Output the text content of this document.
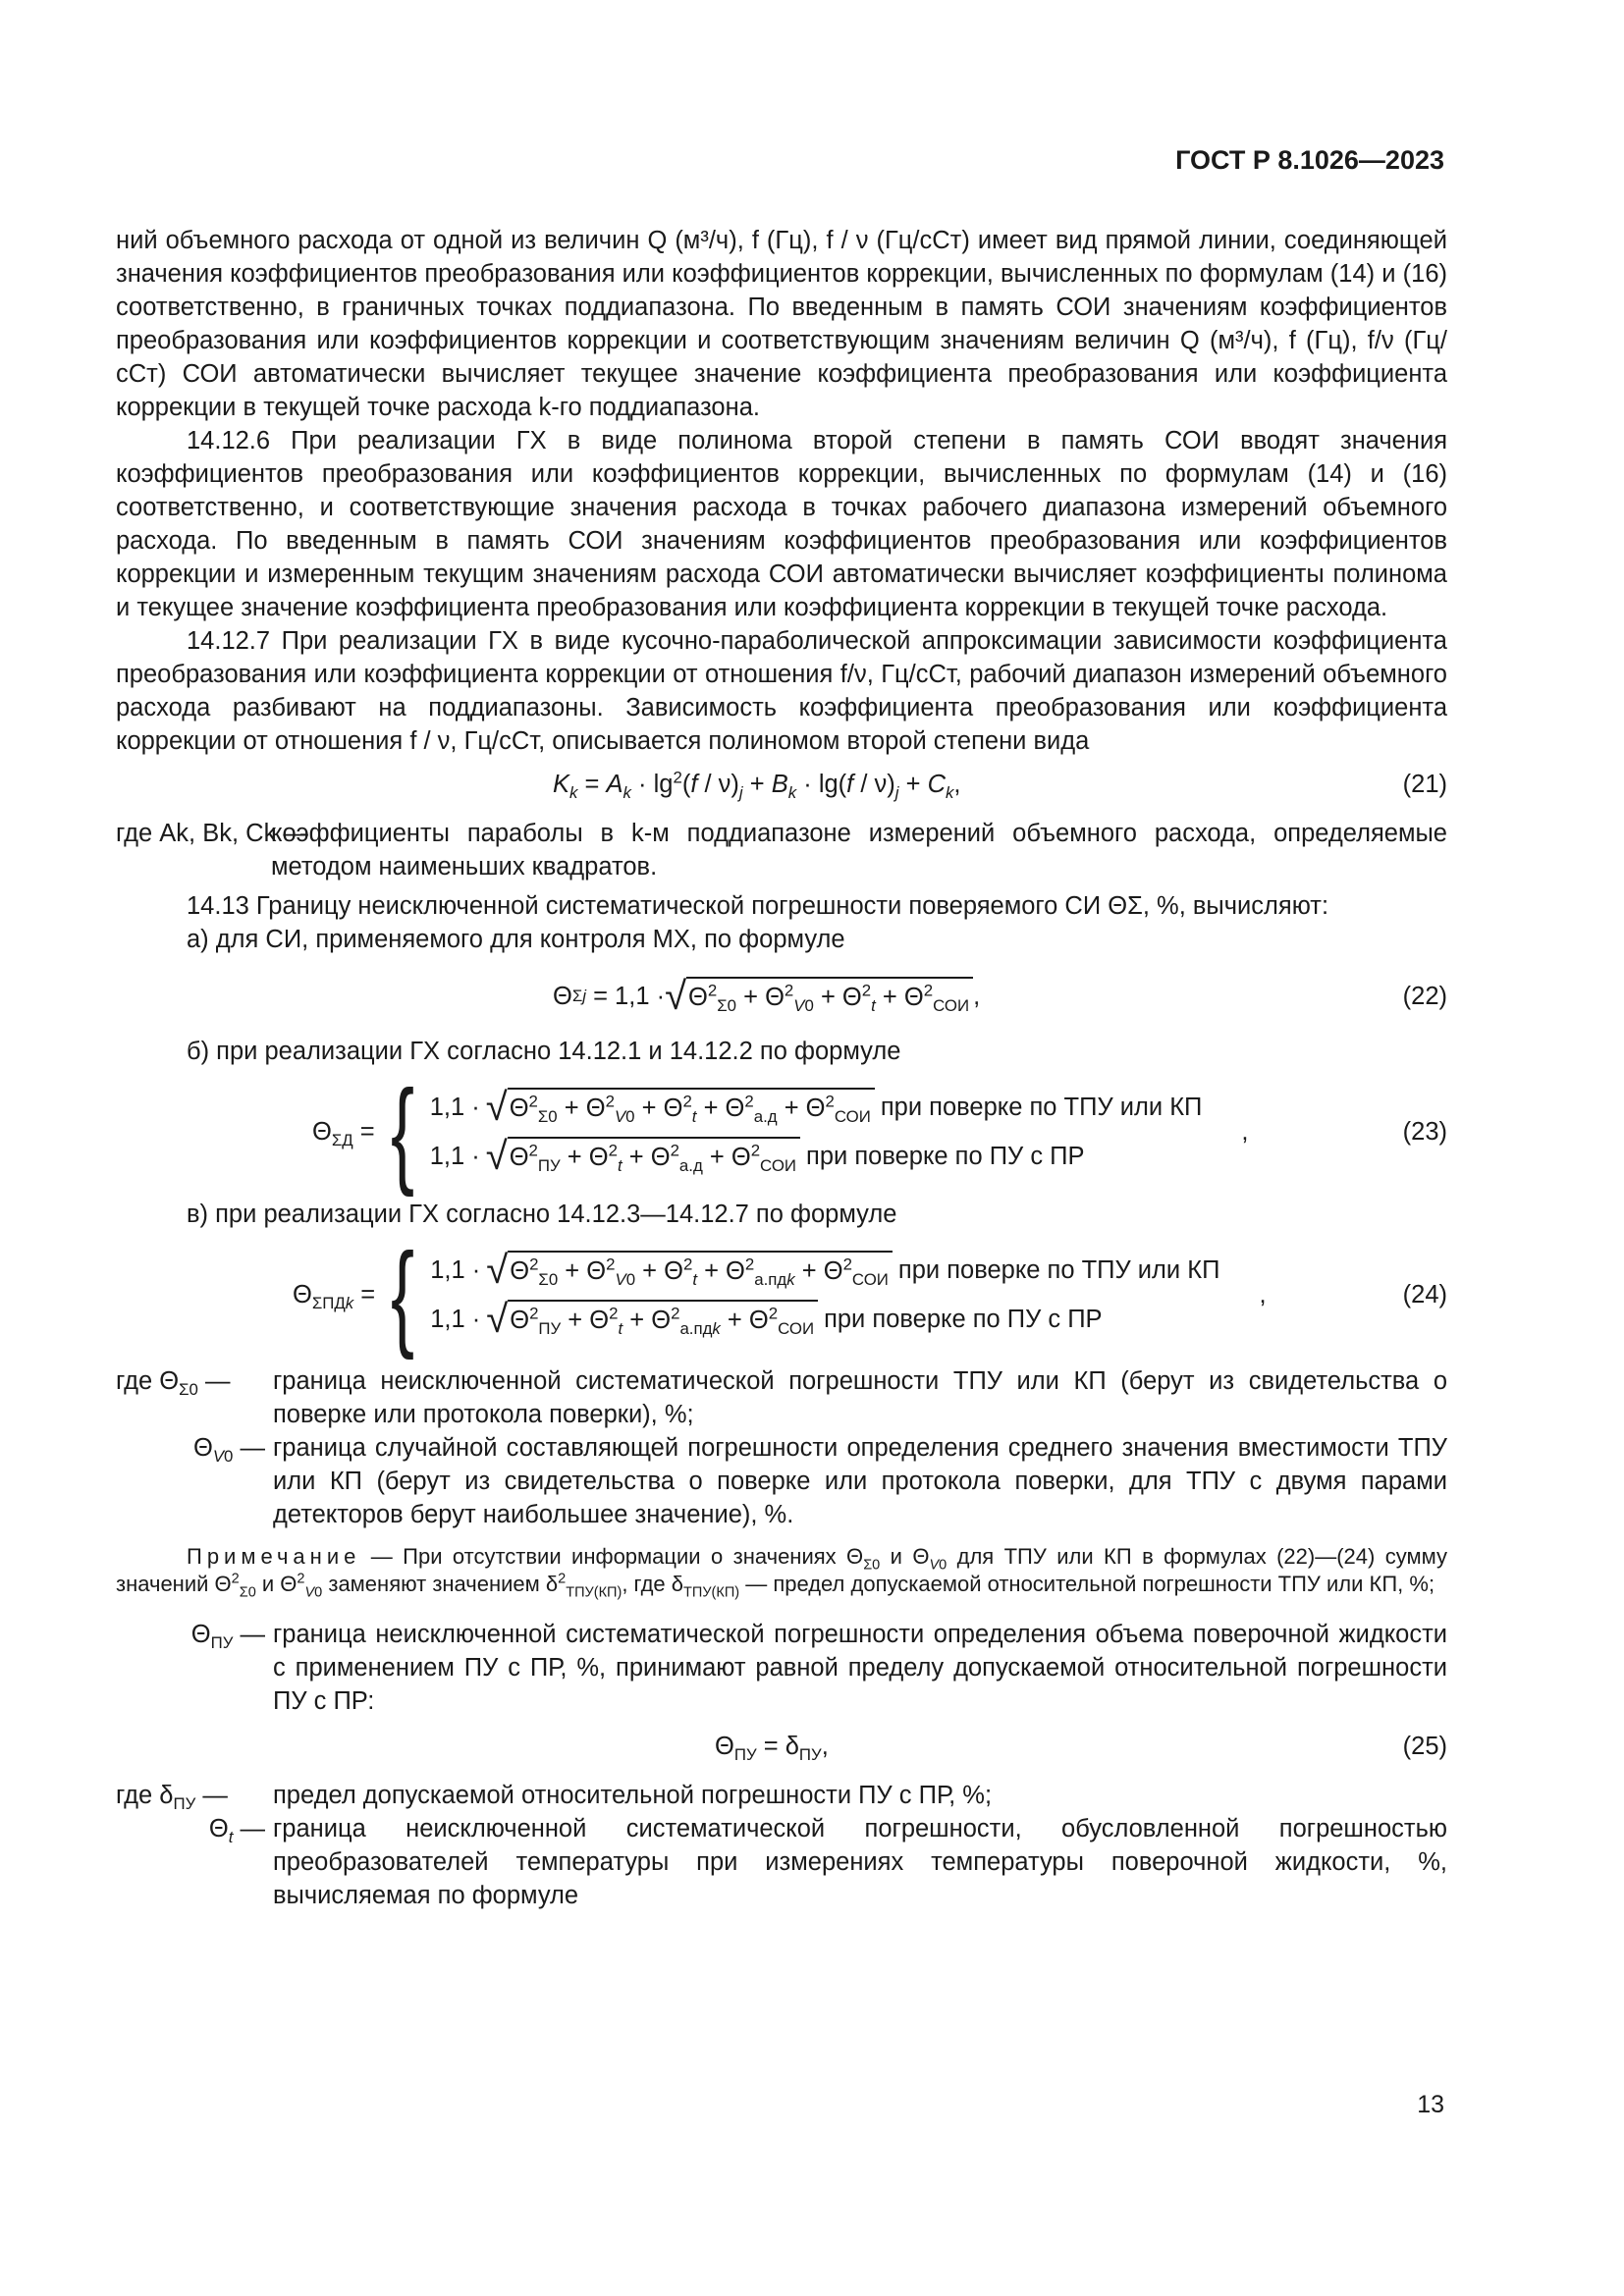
ГОСТ Р 8.1026—2023

ний объемного расхода от одной из величин Q (м³/ч), f (Гц), f / ν (Гц/сСт) имеет вид прямой линии, соединяющей значения коэффициентов преобразования или коэффициентов коррекции, вычисленных по формулам (14) и (16) соответственно, в граничных точках поддиапазона. По введенным в память СОИ значениям коэффициентов преобразования или коэффициентов коррекции и соответствующим значениям величин Q (м³/ч), f (Гц), f/ν (Гц/сСт) СОИ автоматически вычисляет текущее значение коэффициента преобразования или коэффициента коррекции в текущей точке расхода k-го поддиапазона.

14.12.6 При реализации ГХ в виде полинома второй степени в память СОИ вводят значения коэффициентов преобразования или коэффициентов коррекции, вычисленных по формулам (14) и (16) соответственно, и соответствующие значения расхода в точках рабочего диапазона измерений объемного расхода. По введенным в память СОИ значениям коэффициентов преобразования или коэффициентов коррекции и измеренным текущим значениям расхода СОИ автоматически вычисляет коэффициенты полинома и текущее значение коэффициента преобразования или коэффициента коррекции в текущей точке расхода.

14.12.7 При реализации ГХ в виде кусочно-параболической аппроксимации зависимости коэффициента преобразования или коэффициента коррекции от отношения f/ν, Гц/сСт, рабочий диапазон измерений объемного расхода разбивают на поддиапазоны. Зависимость коэффициента преобразования или коэффициента коррекции от отношения f / ν, Гц/сСт, описывается полиномом второй степени вида

$K_k = A_k \cdot \lg^2(f / \nu)_j + B_k \cdot \lg(f / \nu)_j + C_k$,	(21)
где Ak, Bk, Ck —
коэффициенты параболы в k-м поддиапазоне измерений объемного расхода, определяемые методом наименьших квадратов.

14.13 Границу неисключенной систематической погрешности поверяемого СИ ΘΣ, %, вычисляют:

а) для СИ, применяемого для контроля МХ, по формуле

Θ Σj = 1,1 · √ $\Theta^2_{\Sigma 0} + \Theta^2_{V0} + \Theta^2_t + \Theta^2_{СОИ}$ ,	(22)

б) при реализации ГХ согласно 14.12.1 и 14.12.2 по формуле

$\Theta_{\Sigma Д}$ = { 1,1 · √ $\Theta^2_{\Sigma 0} + \Theta^2_{V0} + \Theta^2_t + \Theta^2_{а.д} + \Theta^2_{СОИ}$ при поверке по ТПУ или КП
1,1 · √ $\Theta^2_{ПУ} + \Theta^2_t + \Theta^2_{а.д} + \Theta^2_{СОИ}$ при поверке по ПУ с ПР
,	(23)

в) при реализации ГХ согласно 14.12.3—14.12.7 по формуле

$\Theta_{\Sigma ПДk}$ = { 1,1 · √ $\Theta^2_{\Sigma 0} + \Theta^2_{V0} + \Theta^2_t + \Theta^2_{а.пдk} + \Theta^2_{СОИ}$ при поверке по ТПУ или КП
1,1 · √ $\Theta^2_{ПУ} + \Theta^2_t + \Theta^2_{а.пдk} + \Theta^2_{СОИ}$ при поверке по ПУ с ПР
,	(24)
где $\Theta_{\Sigma 0}$ —	граница неисключенной систематической погрешности ТПУ или КП (берут из свидетельства о поверке или протокола поверки), %;
$\Theta_{V0}$ — граница случайной составляющей погрешности определения среднего значения вместимости ТПУ или КП (берут из свидетельства о поверке или протокола поверки, для ТПУ с двумя парами детекторов берут наибольшее значение), %.
Примечание — При отсутствии информации о значениях $\Theta_{\Sigma 0}$ и $\Theta_{V0}$ для ТПУ или КП в формулах (22)—(24) сумму значений $\Theta^2_{\Sigma 0}$ и $\Theta^2_{V0}$ заменяют значением $\delta^2_{ТПУ(КП)}$, где $\delta_{ТПУ(КП)}$ — предел допускаемой относительной погрешности ТПУ или КП, %;
$\Theta_{ПУ}$ — граница неисключенной систематической погрешности определения объема поверочной жидкости с применением ПУ с ПР, %, принимают равной пределу допускаемой относительной погрешности ПУ с ПР:
$\Theta_{ПУ} = \delta_{ПУ}$,	(25)
где $\delta_{ПУ}$ —	предел допускаемой относительной погрешности ПУ с ПР, %;
$\Theta_t$ — граница неисключенной систематической погрешности, обусловленной погрешностью преобразователей температуры при измерениях температуры поверочной жидкости, %, вычисляемая по формуле
13
